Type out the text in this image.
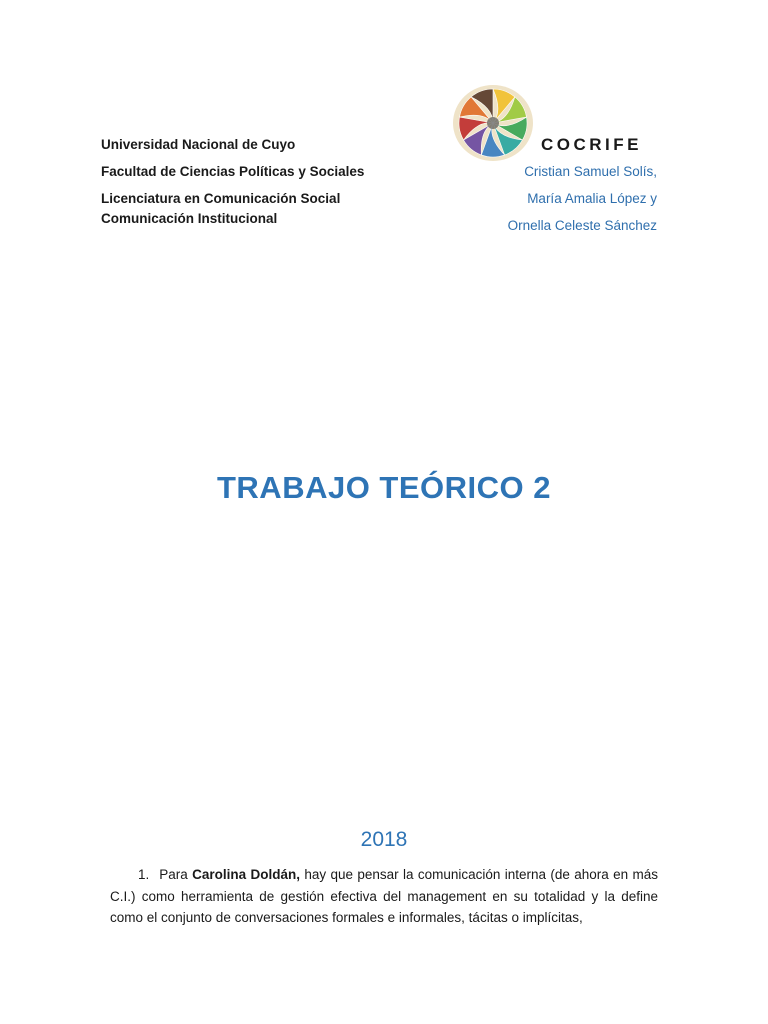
Universidad Nacional de Cuyo
Facultad de Ciencias Políticas y Sociales
Licenciatura en Comunicación Social
Comunicación Institucional
COCRIFE
Cristian Samuel Solís,
María Amalia López y
Ornella Celeste Sánchez
TRABAJO TEÓRICO 2
2018
1. Para Carolina Doldán, hay que pensar la comunicación interna (de ahora en más C.I.) como herramienta de gestión efectiva del management en su totalidad y la define como el conjunto de conversaciones formales e informales, tácitas o implícitas,
